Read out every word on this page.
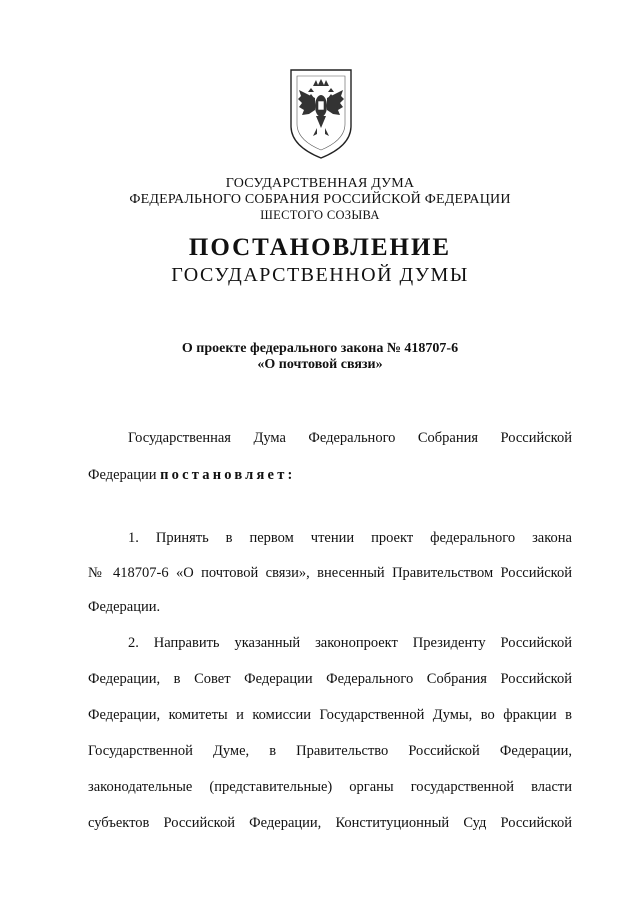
ГОСУДАРСТВЕННАЯ ДУМА
ФЕДЕРАЛЬНОГО СОБРАНИЯ РОССИЙСКОЙ ФЕДЕРАЦИИ
ШЕСТОГО СОЗЫВА
ПОСТАНОВЛЕНИЕ
ГОСУДАРСТВЕННОЙ ДУМЫ
О проекте федерального закона № 418707-6
«О почтовой связи»
Государственная Дума Федерального Собрания Российской
Федерации постановляет:
1. Принять в первом чтении проект федерального закона
№ 418707-6 «О почтовой связи», внесенный Правительством Российской
Федерации.
2. Направить указанный законопроект Президенту Российской
Федерации, в Совет Федерации Федерального Собрания Российской
Федерации, комитеты и комиссии Государственной Думы, во фракции в
Государственной Думе, в Правительство Российской Федерации,
законодательные (представительные) органы государственной власти
субъектов Российской Федерации, Конституционный Суд Российской
